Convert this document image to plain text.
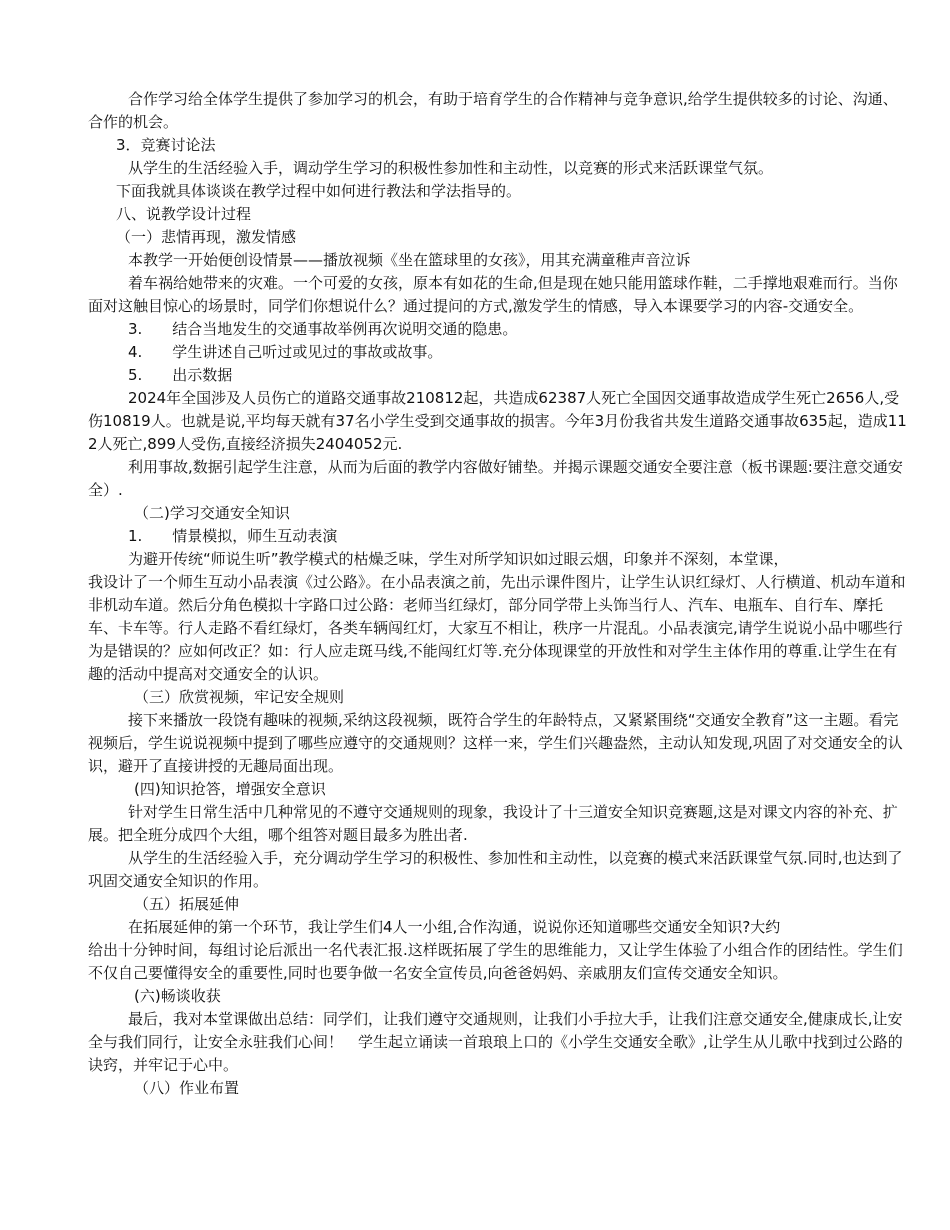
合作学习给全体学生提供了参加学习的机会，有助于培育学生的合作精神与竞争意识,给学生提供较多的讨论、沟通、合作的机会。

3．竞赛讨论法

从学生的生活经验入手，调动学生学习的积极性参加性和主动性，以竞赛的形式来活跃课堂气氛。

下面我就具体谈谈在教学过程中如何进行教法和学法指导的。

八、说教学设计过程

（一）悲情再现，激发情感

本教学一开始便创设情景——播放视频《坐在篮球里的女孩》，用其充满童稚声音泣诉

着车祸给她带来的灾难。一个可爱的女孩，原本有如花的生命,但是现在她只能用篮球作鞋，二手撑地艰难而行。当你面对这触目惊心的场景时，同学们你想说什么？通过提问的方式,激发学生的情感，导入本课要学习的内容-交通安全。

3.　　结合当地发生的交通事故举例再次说明交通的隐患。

4.　　学生讲述自己听过或见过的事故或故事。

5.　　出示数据

2024年全国涉及人员伤亡的道路交通事故210812起，共造成62387人死亡全国因交通事故造成学生死亡2656人,受伤10819人。也就是说,平均每天就有37名小学生受到交通事故的损害。今年3月份我省共发生道路交通事故635起，造成112人死亡,899人受伤,直接经济损失2404052元.

利用事故,数据引起学生注意，从而为后面的教学内容做好铺垫。并揭示课题交通安全要注意（板书课题:要注意交通安全）.

（二)学习交通安全知识

1.　　情景模拟，师生互动表演

为避开传统“师说生听”教学模式的枯燥乏味，学生对所学知识如过眼云烟，印象并不深刻，本堂课，

我设计了一个师生互动小品表演《过公路》。在小品表演之前，先出示课件图片，让学生认识红绿灯、人行横道、机动车道和非机动车道。然后分角色模拟十字路口过公路：老师当红绿灯，部分同学带上头饰当行人、汽车、电瓶车、自行车、摩托车、卡车等。行人走路不看红绿灯，各类车辆闯红灯，大家互不相让，秩序一片混乱。小品表演完,请学生说说小品中哪些行为是错误的？应如何改正？如：行人应走斑马线,不能闯红灯等.充分体现课堂的开放性和对学生主体作用的尊重.让学生在有趣的活动中提高对交通安全的认识。

（三）欣赏视频，牢记安全规则

接下来播放一段饶有趣味的视频,采纳这段视频，既符合学生的年龄特点，又紧紧围绕“交通安全教育”这一主题。看完视频后，学生说说视频中提到了哪些应遵守的交通规则？这样一来，学生们兴趣盎然，主动认知发现,巩固了对交通安全的认识，避开了直接讲授的无趣局面出现。

(四)知识抢答，增强安全意识

针对学生日常生活中几种常见的不遵守交通规则的现象，我设计了十三道安全知识竞赛题,这是对课文内容的补充、扩展。把全班分成四个大组，哪个组答对题目最多为胜出者.

从学生的生活经验入手，充分调动学生学习的积极性、参加性和主动性，以竞赛的模式来活跃课堂气氛.同时,也达到了巩固交通安全知识的作用。

（五）拓展延伸

在拓展延伸的第一个环节，我让学生们4人一小组,合作沟通，说说你还知道哪些交通安全知识?大约

给出十分钟时间，每组讨论后派出一名代表汇报.这样既拓展了学生的思维能力，又让学生体验了小组合作的团结性。学生们不仅自己要懂得安全的重要性,同时也要争做一名安全宣传员,向爸爸妈妈、亲戚朋友们宣传交通安全知识。

(六)畅谈收获

最后，我对本堂课做出总结：同学们，让我们遵守交通规则，让我们小手拉大手，让我们注意交通安全,健康成长,让安全与我们同行，让安全永驻我们心间！　学生起立诵读一首琅琅上口的《小学生交通安全歌》,让学生从儿歌中找到过公路的诀窍，并牢记于心中。

（八）作业布置
